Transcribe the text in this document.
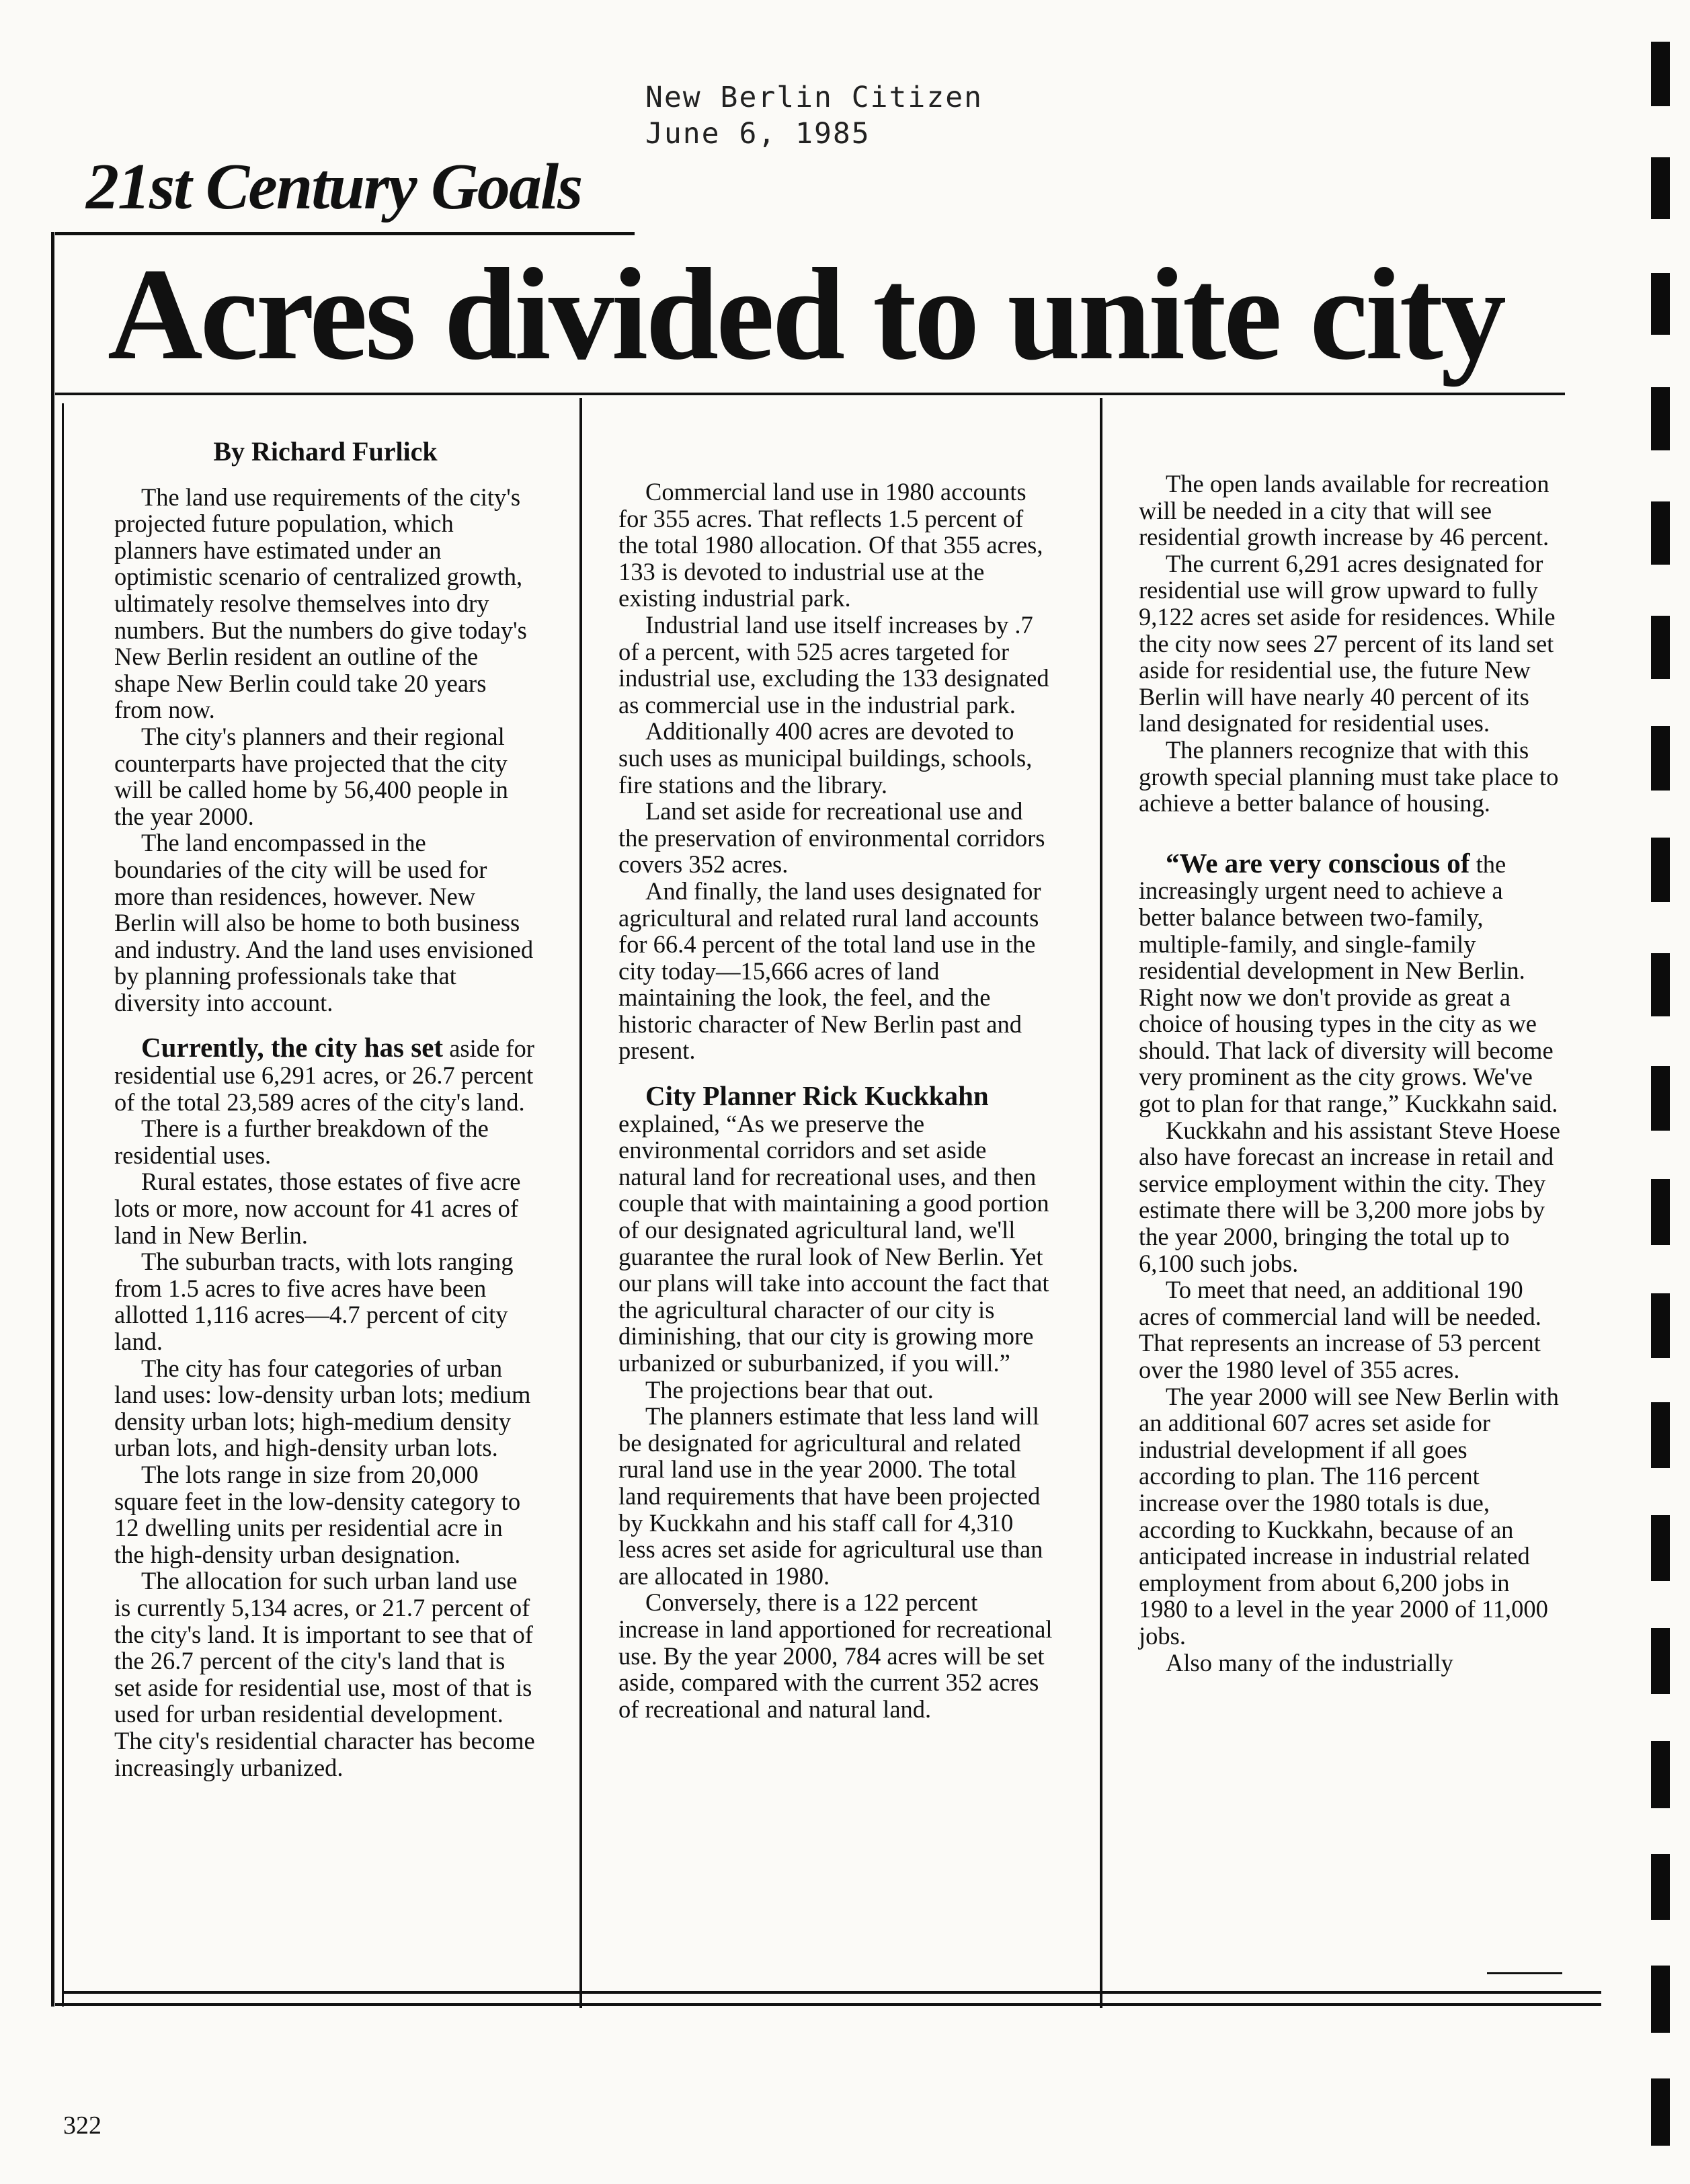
New Berlin Citizen
June 6, 1985
21st Century Goals
Acres divided to unite city

By Richard Furlick

The land use requirements of the city's projected future population, which planners have estimated under an optimistic scenario of centralized growth, ultimately resolve themselves into dry numbers. But the numbers do give today's New Berlin resident an outline of the shape New Berlin could take 20 years from now.

The city's planners and their regional counterparts have projected that the city will be called home by 56,400 people in the year 2000.

The land encompassed in the boundaries of the city will be used for more than residences, however. New Berlin will also be home to both business and industry. And the land uses envisioned by planning professionals take that diversity into account.

Currently, the city has set aside for residential use 6,291 acres, or 26.7 percent of the total 23,589 acres of the city's land.

There is a further breakdown of the residential uses.

Rural estates, those estates of five acre lots or more, now account for 41 acres of land in New Berlin.

The suburban tracts, with lots ranging from 1.5 acres to five acres have been allotted 1,116 acres—4.7 percent of city land.

The city has four categories of urban land uses: low-density urban lots; medium density urban lots; high-medium density urban lots, and high-density urban lots.

The lots range in size from 20,000 square feet in the low-density category to 12 dwelling units per residential acre in the high-density urban designation.

The allocation for such urban land use is currently 5,134 acres, or 21.7 percent of the city's land. It is important to see that of the 26.7 percent of the city's land that is set aside for residential use, most of that is used for urban residential development. The city's residential character has become increasingly urbanized.

Commercial land use in 1980 accounts for 355 acres. That reflects 1.5 percent of the total 1980 allocation. Of that 355 acres, 133 is devoted to industrial use at the existing industrial park.

Industrial land use itself increases by .7 of a percent, with 525 acres targeted for industrial use, excluding the 133 designated as commercial use in the industrial park.

Additionally 400 acres are devoted to such uses as municipal buildings, schools, fire stations and the library.

Land set aside for recreational use and the preservation of environmental corridors covers 352 acres.

And finally, the land uses designated for agricultural and related rural land accounts for 66.4 percent of the total land use in the city today—15,666 acres of land maintaining the look, the feel, and the historic character of New Berlin past and present.

City Planner Rick Kuckkahn explained, “As we preserve the environmental corridors and set aside natural land for recreational uses, and then couple that with maintaining a good portion of our designated agricultural land, we'll guarantee the rural look of New Berlin. Yet our plans will take into account the fact that the agricultural character of our city is diminishing, that our city is growing more urbanized or suburbanized, if you will.”

The projections bear that out.

The planners estimate that less land will be designated for agricultural and related rural land use in the year 2000. The total land requirements that have been projected by Kuckkahn and his staff call for 4,310 less acres set aside for agricultural use than are allocated in 1980.

Conversely, there is a 122 percent increase in land apportioned for recreational use. By the year 2000, 784 acres will be set aside, compared with the current 352 acres of recreational and natural land.

The open lands available for recreation will be needed in a city that will see residential growth increase by 46 percent.

The current 6,291 acres designated for residential use will grow upward to fully 9,122 acres set aside for residences. While the city now sees 27 percent of its land set aside for residential use, the future New Berlin will have nearly 40 percent of its land designated for residential uses.

The planners recognize that with this growth special planning must take place to achieve a better balance of housing.

“We are very conscious of the increasingly urgent need to achieve a better balance between two-family, multiple-family, and single-family residential development in New Berlin. Right now we don't provide as great a choice of housing types in the city as we should. That lack of diversity will become very prominent as the city grows. We've got to plan for that range,” Kuckkahn said.

Kuckkahn and his assistant Steve Hoese also have forecast an increase in retail and service employment within the city. They estimate there will be 3,200 more jobs by the year 2000, bringing the total up to 6,100 such jobs.

To meet that need, an additional 190 acres of commercial land will be needed. That represents an increase of 53 percent over the 1980 level of 355 acres.

The year 2000 will see New Berlin with an additional 607 acres set aside for industrial development if all goes according to plan. The 116 percent increase over the 1980 totals is due, according to Kuckkahn, because of an anticipated increase in industrial related employment from about 6,200 jobs in 1980 to a level in the year 2000 of 11,000 jobs.

Also many of the industrially

322
